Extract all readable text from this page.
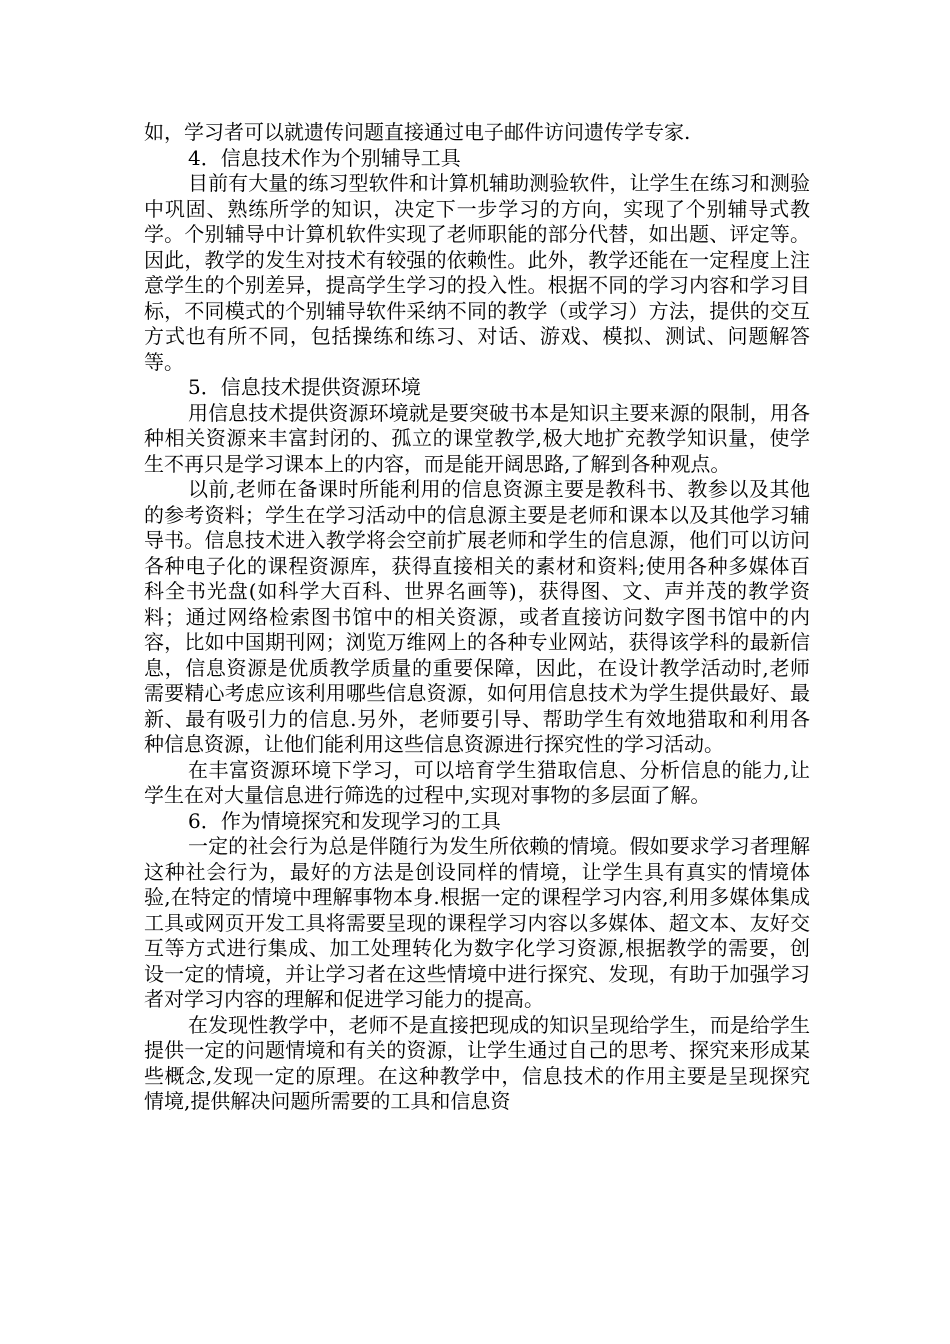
如，学习者可以就遗传问题直接通过电子邮件访问遗传学专家.

4．信息技术作为个别辅导工具

目前有大量的练习型软件和计算机辅助测验软件，让学生在练习和测验中巩固、熟练所学的知识，决定下一步学习的方向，实现了个别辅导式教学。个别辅导中计算机软件实现了老师职能的部分代替，如出题、评定等。因此，教学的发生对技术有较强的依赖性。此外，教学还能在一定程度上注意学生的个别差异，提高学生学习的投入性。根据不同的学习内容和学习目标，不同模式的个别辅导软件采纳不同的教学（或学习）方法，提供的交互方式也有所不同，包括操练和练习、对话、游戏、模拟、测试、问题解答等。

5．信息技术提供资源环境

用信息技术提供资源环境就是要突破书本是知识主要来源的限制，用各种相关资源来丰富封闭的、孤立的课堂教学,极大地扩充教学知识量，使学生不再只是学习课本上的内容，而是能开阔思路,了解到各种观点。

以前,老师在备课时所能利用的信息资源主要是教科书、教参以及其他的参考资料；学生在学习活动中的信息源主要是老师和课本以及其他学习辅导书。信息技术进入教学将会空前扩展老师和学生的信息源，他们可以访问各种电子化的课程资源库，获得直接相关的素材和资料;使用各种多媒体百科全书光盘(如科学大百科、世界名画等)，获得图、文、声并茂的教学资料；通过网络检索图书馆中的相关资源，或者直接访问数字图书馆中的内容，比如中国期刊网；浏览万维网上的各种专业网站，获得该学科的最新信息，信息资源是优质教学质量的重要保障，因此，在设计教学活动时,老师需要精心考虑应该利用哪些信息资源，如何用信息技术为学生提供最好、最新、最有吸引力的信息.另外，老师要引导、帮助学生有效地猎取和利用各种信息资源，让他们能利用这些信息资源进行探究性的学习活动。

在丰富资源环境下学习，可以培育学生猎取信息、分析信息的能力,让学生在对大量信息进行筛选的过程中,实现对事物的多层面了解。

6．作为情境探究和发现学习的工具

一定的社会行为总是伴随行为发生所依赖的情境。假如要求学习者理解这种社会行为，最好的方法是创设同样的情境，让学生具有真实的情境体验,在特定的情境中理解事物本身.根据一定的课程学习内容,利用多媒体集成工具或网页开发工具将需要呈现的课程学习内容以多媒体、超文本、友好交互等方式进行集成、加工处理转化为数字化学习资源,根据教学的需要，创设一定的情境，并让学习者在这些情境中进行探究、发现，有助于加强学习者对学习内容的理解和促进学习能力的提高。

在发现性教学中，老师不是直接把现成的知识呈现给学生，而是给学生提供一定的问题情境和有关的资源，让学生通过自己的思考、探究来形成某些概念,发现一定的原理。在这种教学中，信息技术的作用主要是呈现探究情境,提供解决问题所需要的工具和信息资
